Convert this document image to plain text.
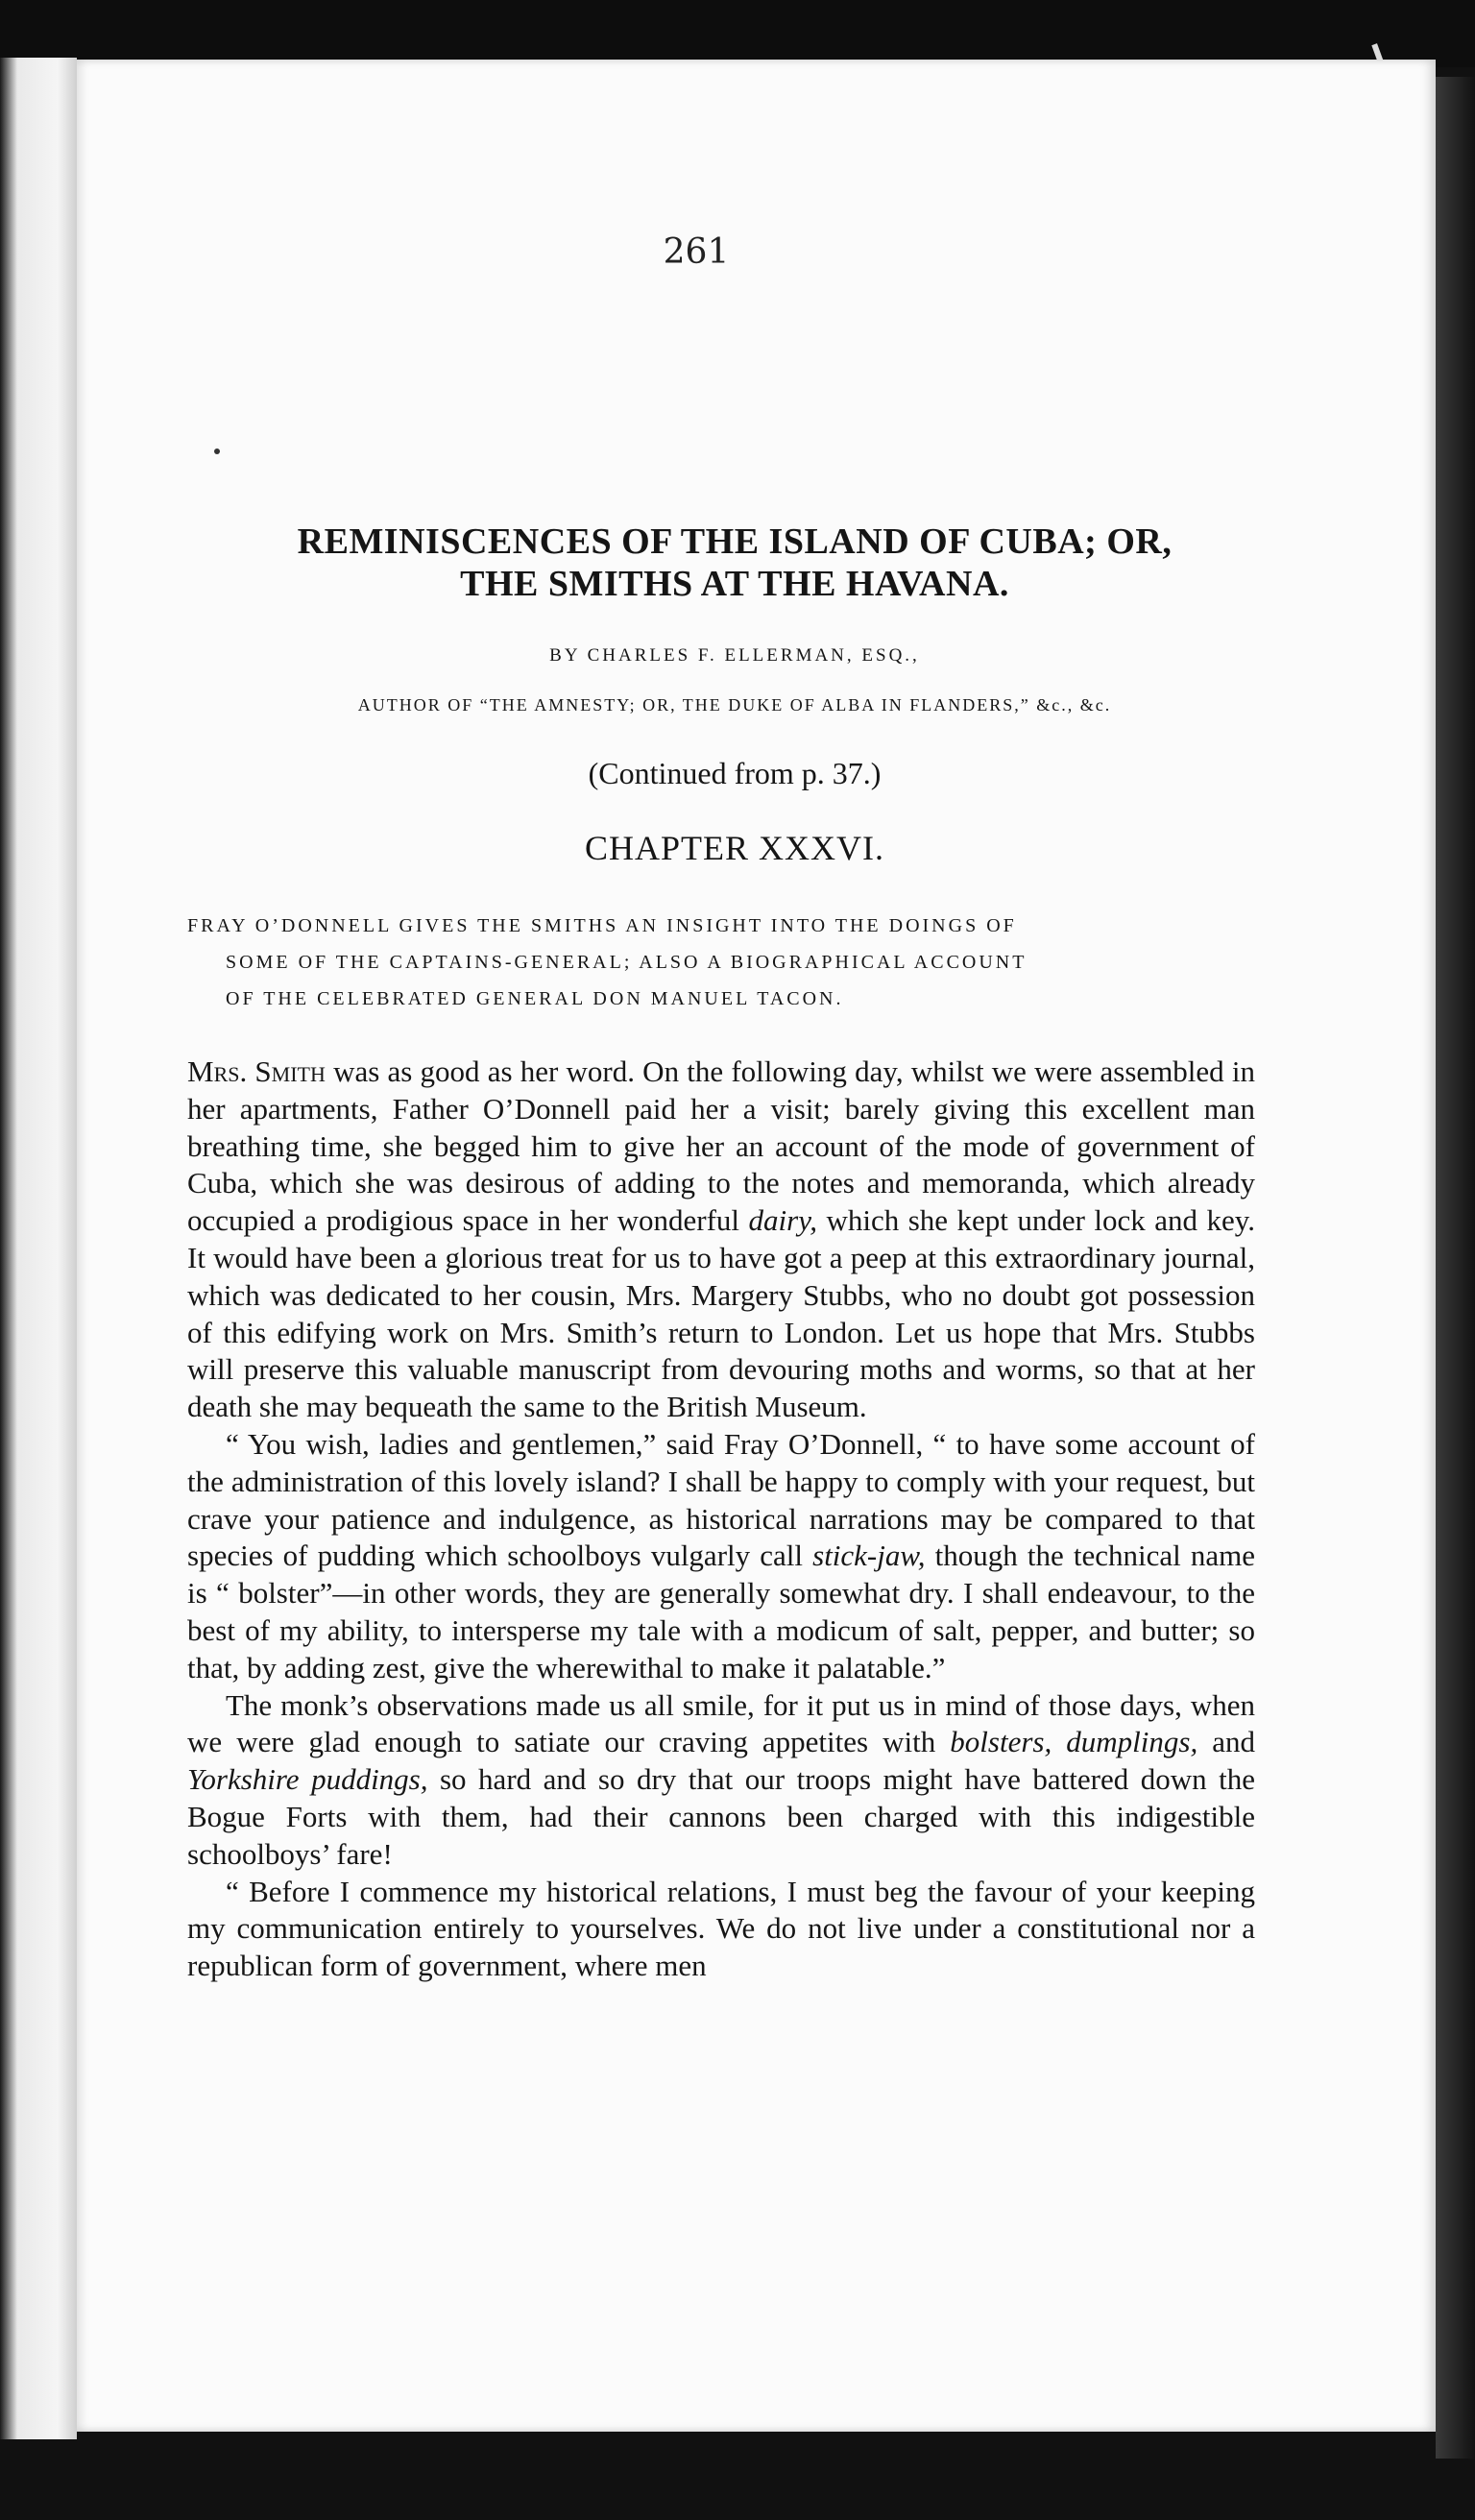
261
REMINISCENCES OF THE ISLAND OF CUBA; OR,
THE SMITHS AT THE HAVANA.
BY CHARLES F. ELLERMAN, ESQ.,
AUTHOR OF “THE AMNESTY; OR, THE DUKE OF ALBA IN FLANDERS,” &c., &c.
(Continued from p. 37.)
CHAPTER XXXVI.
FRAY O’DONNELL GIVES THE SMITHS AN INSIGHT INTO THE DOINGS OF
SOME OF THE CAPTAINS-GENERAL; ALSO A BIOGRAPHICAL ACCOUNT
OF THE CELEBRATED GENERAL DON MANUEL TACON.

Mrs. Smith was as good as her word. On the following day, whilst we were assembled in her apartments, Father O’Donnell paid her a visit; barely giving this excellent man breathing time, she begged him to give her an account of the mode of government of Cuba, which she was desirous of adding to the notes and memoranda, which already occupied a prodigious space in her wonderful dairy, which she kept under lock and key. It would have been a glorious treat for us to have got a peep at this extraordinary journal, which was dedicated to her cousin, Mrs. Margery Stubbs, who no doubt got possession of this edifying work on Mrs. Smith’s return to London. Let us hope that Mrs. Stubbs will preserve this valuable manuscript from devouring moths and worms, so that at her death she may bequeath the same to the British Museum.

“ You wish, ladies and gentlemen,” said Fray O’Donnell, “ to have some account of the administration of this lovely island? I shall be happy to comply with your request, but crave your patience and indulgence, as historical narrations may be compared to that species of pudding which schoolboys vulgarly call stick-jaw, though the technical name is “ bolster”—in other words, they are generally somewhat dry. I shall endeavour, to the best of my ability, to intersperse my tale with a modicum of salt, pepper, and butter; so that, by adding zest, give the wherewithal to make it palatable.”

The monk’s observations made us all smile, for it put us in mind of those days, when we were glad enough to satiate our craving appetites with bolsters, dumplings, and Yorkshire puddings, so hard and so dry that our troops might have battered down the Bogue Forts with them, had their cannons been charged with this indigestible schoolboys’ fare!

“ Before I commence my historical relations, I must beg the favour of your keeping my communication entirely to yourselves. We do not live under a constitutional nor a republican form of government, where men
